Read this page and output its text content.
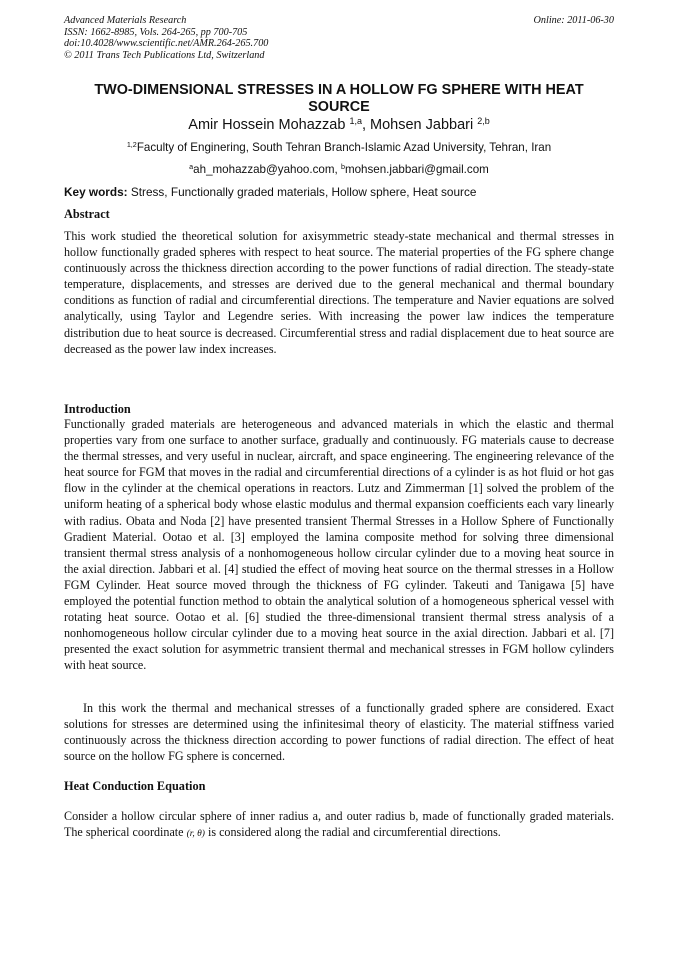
Advanced Materials Research
ISSN: 1662-8985, Vols. 264-265, pp 700-705
doi:10.4028/www.scientific.net/AMR.264-265.700
© 2011 Trans Tech Publications Ltd, Switzerland
Online: 2011-06-30
TWO-DIMENSIONAL STRESSES IN A HOLLOW FG SPHERE WITH HEAT SOURCE
Amir Hossein Mohazzab $^{1,a}$, Mohsen Jabbari $^{2,b}$
$^{1,2}$Faculty of Enginering, South Tehran Branch-Islamic Azad University, Tehran, Iran
$^a$ah_mohazzab@yahoo.com, $^b$mohsen.jabbari@gmail.com
Key words: Stress, Functionally graded materials, Hollow sphere, Heat source
Abstract

This work studied the theoretical solution for axisymmetric steady-state mechanical and thermal stresses in hollow functionally graded spheres with respect to heat source. The material properties of the FG sphere change continuously across the thickness direction according to the power functions of radial direction. The steady-state temperature, displacements, and stresses are derived due to the general mechanical and thermal boundary conditions as function of radial and circumferential directions. The temperature and Navier equations are solved analytically, using Taylor and Legendre series. With increasing the power law indices the temperature distribution due to heat source is decreased. Circumferential stress and radial displacement due to heat source are decreased as the power law index increases.

Introduction

Functionally graded materials are heterogeneous and advanced materials in which the elastic and thermal properties vary from one surface to another surface, gradually and continuously. FG materials cause to decrease the thermal stresses, and very useful in nuclear, aircraft, and space engineering. The engineering relevance of the heat source for FGM that moves in the radial and circumferential directions of a cylinder is as hot fluid or hot gas flow in the cylinder at the chemical operations in reactors. Lutz and Zimmerman [1] solved the problem of the uniform heating of a spherical body whose elastic modulus and thermal expansion coefficients each vary linearly with radius. Obata and Noda [2] have presented transient Thermal Stresses in a Hollow Sphere of Functionally Gradient Material. Ootao et al. [3] employed the lamina composite method for solving three dimensional transient thermal stress analysis of a nonhomogeneous hollow circular cylinder due to a moving heat source in the axial direction. Jabbari et al. [4] studied the effect of moving heat source on the thermal stresses in a Hollow FGM Cylinder. Heat source moved through the thickness of FG cylinder. Takeuti and Tanigawa [5] have employed the potential function method to obtain the analytical solution of a homogeneous spherical vessel with rotating heat source. Ootao et al. [6] studied the three-dimensional transient thermal stress analysis of a nonhomogeneous hollow circular cylinder due to a moving heat source in the axial direction. Jabbari et al. [7] presented the exact solution for asymmetric transient thermal and mechanical stresses in FGM hollow cylinders with heat source.

In this work the thermal and mechanical stresses of a functionally graded sphere are considered. Exact solutions for stresses are determined using the infinitesimal theory of elasticity. The material stiffness varied continuously across the thickness direction according to power functions of radial direction. The effect of heat source on the hollow FG sphere is concerned.

Heat Conduction Equation

Consider a hollow circular sphere of inner radius a, and outer radius b, made of functionally graded materials. The spherical coordinate (r, θ) is considered along the radial and circumferential directions.
